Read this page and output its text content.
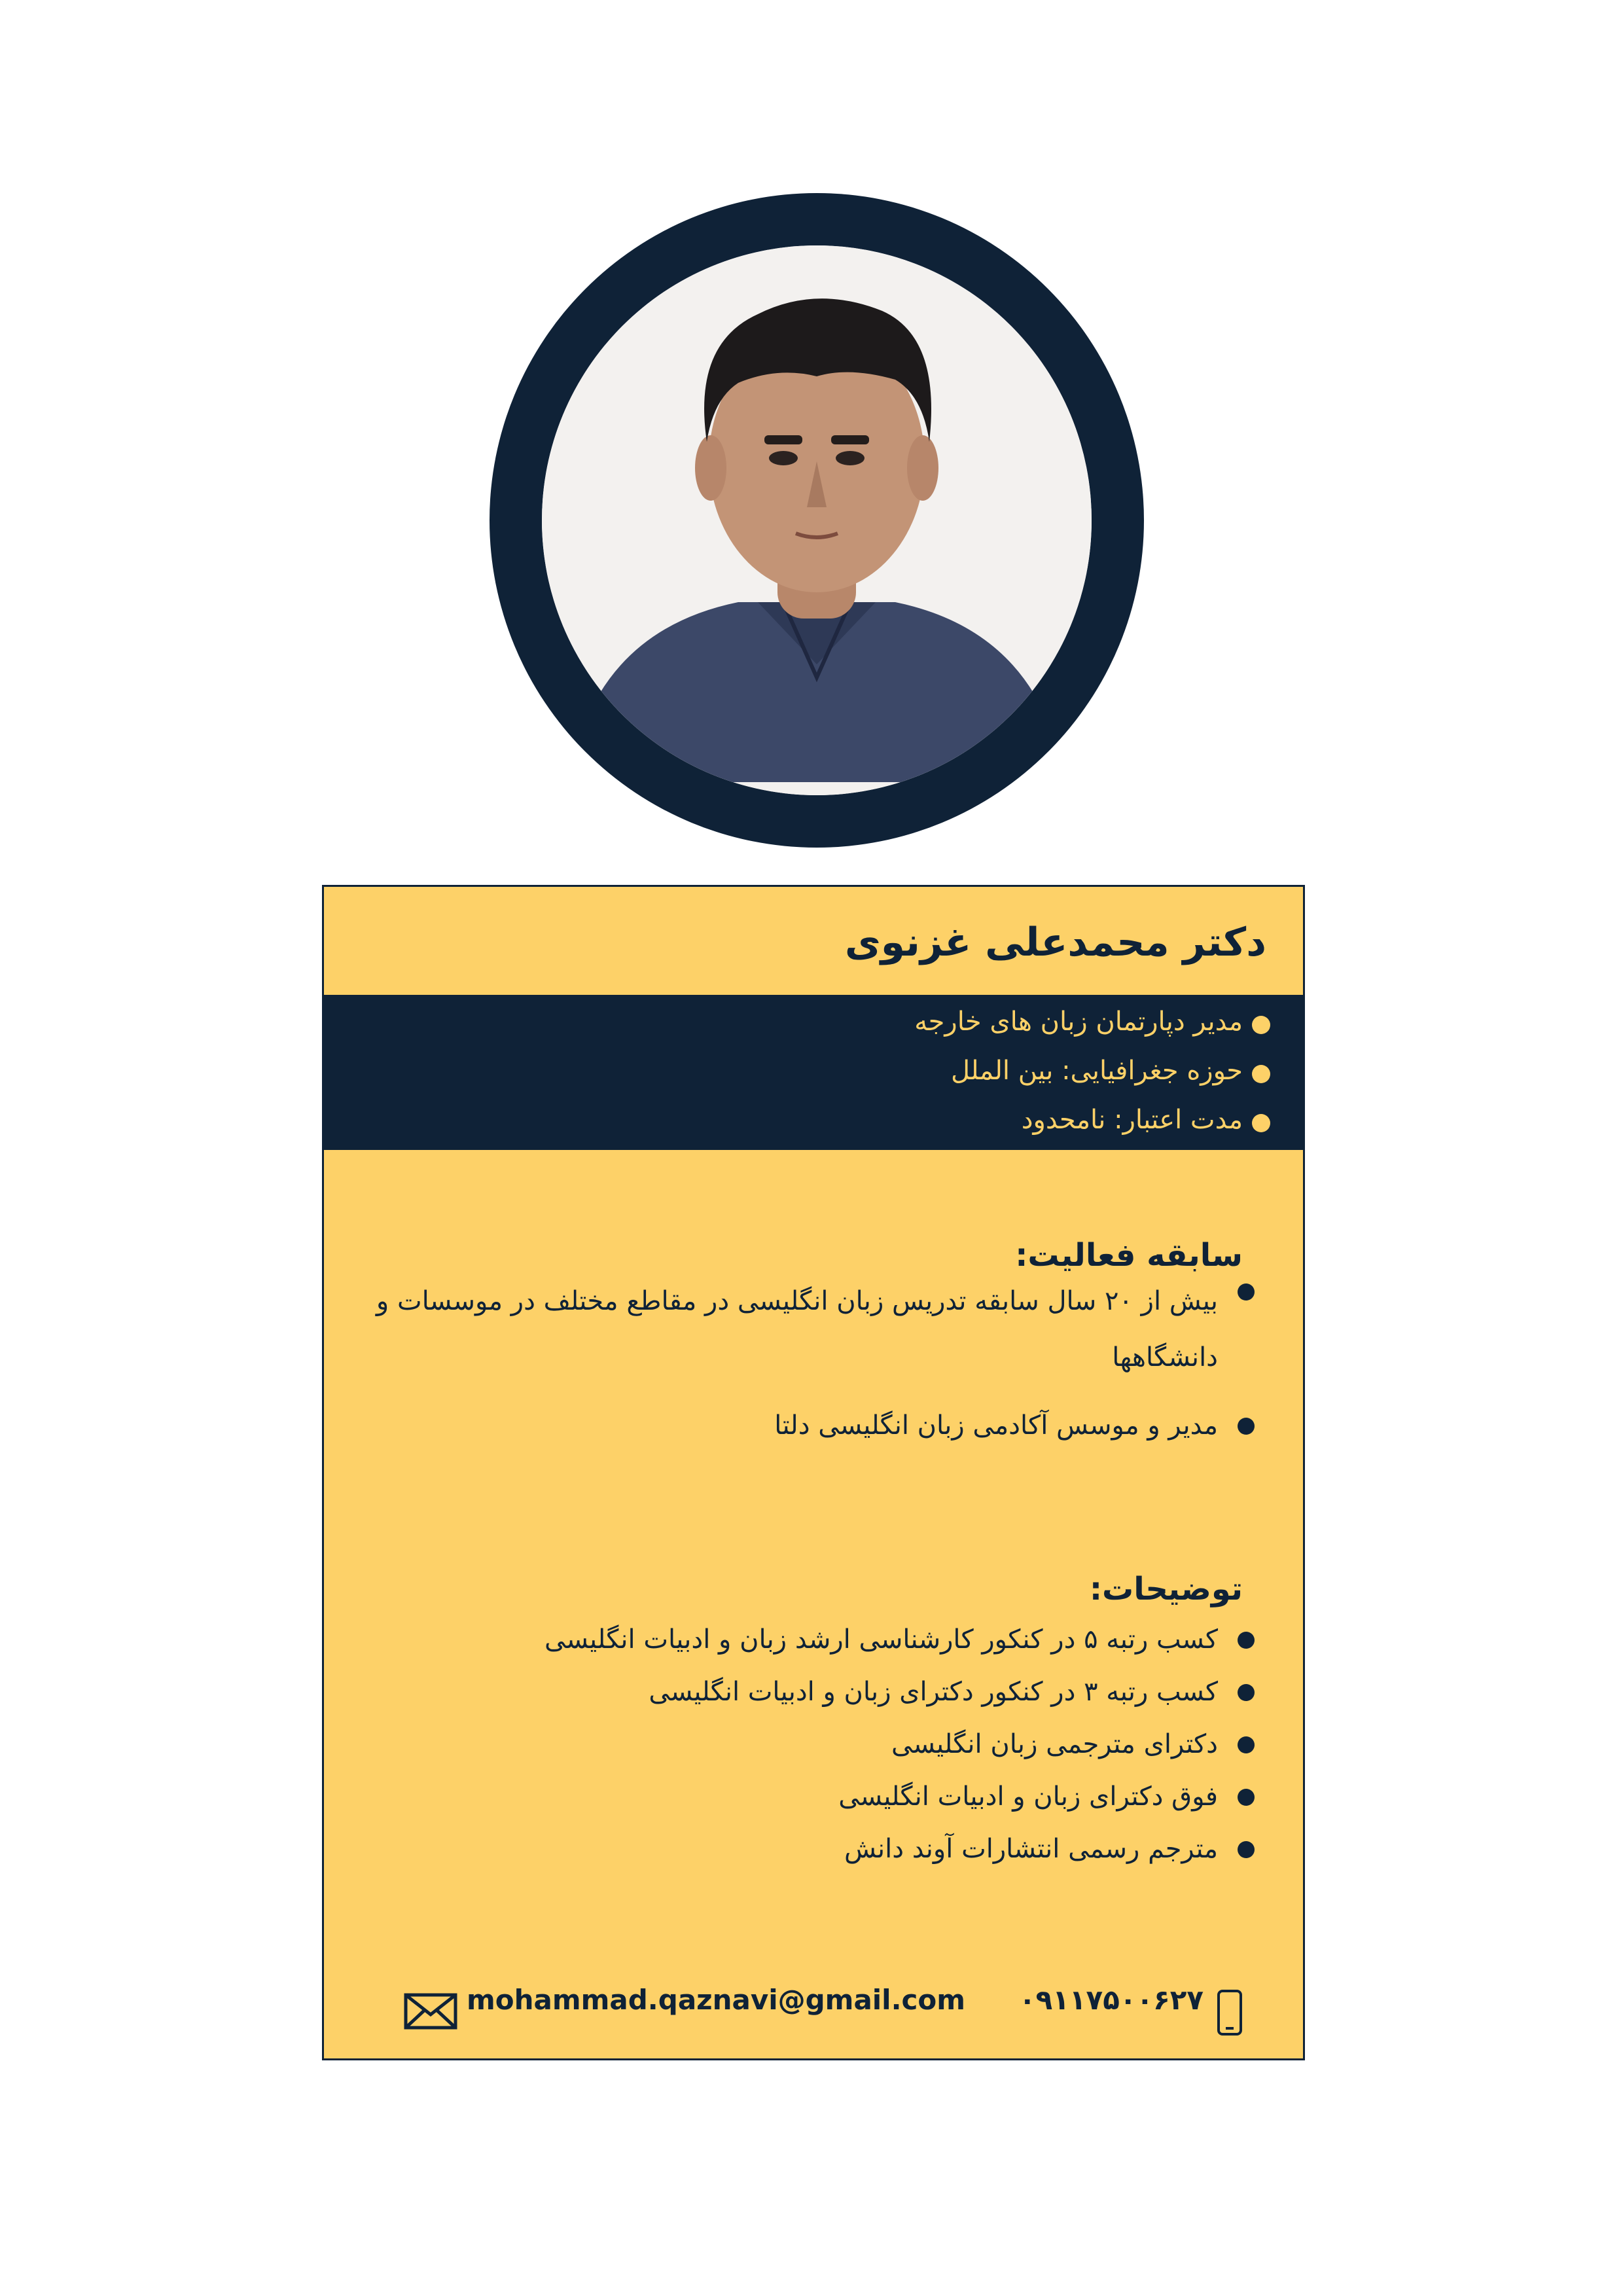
دکتر محمدعلی غزنوی
مدیر دپارتمان زبان های خارجه
حوزه جغرافیایی: بین الملل
مدت اعتبار: نامحدود
سابقه فعالیت:
بیش از ۲۰ سال سابقه تدریس زبان انگلیسی در مقاطع مختلف در موسسات و دانشگاهها
مدیر و موسس آکادمی زبان انگلیسی دلتا
توضیحات:
کسب رتبه ۵ در کنکور کارشناسی ارشد زبان و ادبیات انگلیسی
کسب رتبه ۳ در کنکور دکترای زبان و ادبیات انگلیسی
دکترای مترجمی زبان انگلیسی
فوق دکترای زبان و ادبیات انگلیسی
مترجم رسمی انتشارات آوند دانش
۰۹۱۱۷۵۰۰۶۲۷
mohammad.qaznavi@gmail.com
